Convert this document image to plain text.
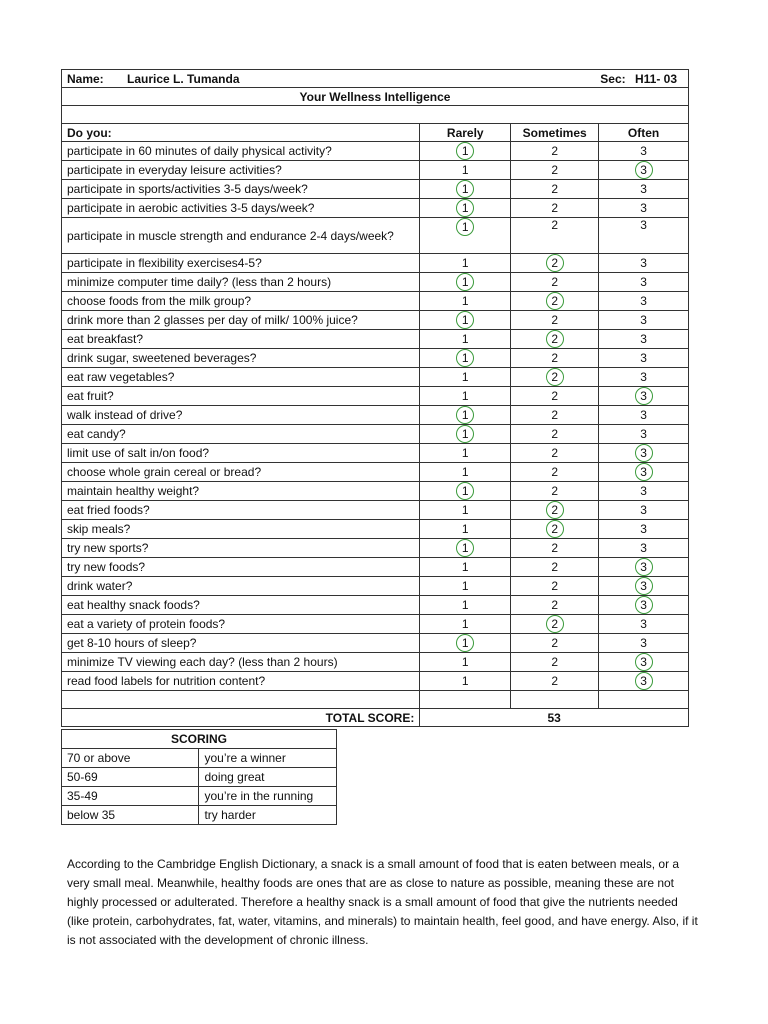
Name: Laurice L. Tumanda Sec: H11- 03			

Your Wellness Intelligence			

Do you:	Rarely	Sometimes	Often
participate in 60 minutes of daily physical activity?	1	2	3
participate in everyday leisure activities?	1	2	3
participate in sports/activities 3-5 days/week?	1	2	3
participate in aerobic activities 3-5 days/week?	1	2	3
participate in muscle strength and endurance 2-4 days/week?	1	2	3
participate in flexibility exercises4-5?	1	2	3
minimize computer time daily? (less than 2 hours)	1	2	3
choose foods from the milk group?	1	2	3
drink more than 2 glasses per day of milk/ 100% juice?	1	2	3
eat breakfast?	1	2	3
drink sugar, sweetened beverages?	1	2	3
eat raw vegetables?	1	2	3
eat fruit?	1	2	3
walk instead of drive?	1	2	3
eat candy?	1	2	3
limit use of salt in/on food?	1	2	3
choose whole grain cereal or bread?	1	2	3
maintain healthy weight?	1	2	3
eat fried foods?	1	2	3
skip meals?	1	2	3
try new sports?	1	2	3
try new foods?	1	2	3
drink water?	1	2	3
eat healthy snack foods?	1	2	3
eat a variety of protein foods?	1	2	3
get 8-10 hours of sleep?	1	2	3
minimize TV viewing each day? (less than 2 hours)	1	2	3
read food labels for nutrition content?	1	2	3

TOTAL SCORE:	53		
SCORING	
70 or above	you’re a winner
50-69	doing great
35-49	you’re in the running
below 35	try harder

According to the Cambridge English Dictionary, a snack is a small amount of food that is eaten between meals, or a very small meal. Meanwhile, healthy foods are ones that are as close to nature as possible, meaning these are not highly processed or adulterated. Therefore a healthy snack is a small amount of food that give the nutrients needed (like protein, carbohydrates, fat, water, vitamins, and minerals) to maintain health, feel good, and have energy. Also, if it is not associated with the development of chronic illness.
